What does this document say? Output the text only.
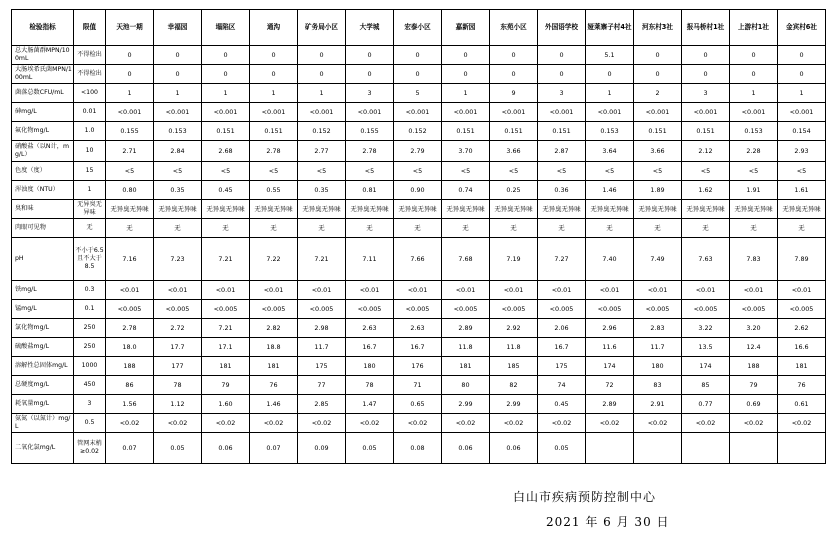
检验指标	限值	天池一期	幸福园	塌陷区	通沟	矿务局小区	大学城	宏泰小区	嘉新园	东苑小区	外国语学校	娅莱寨子村4社	河东村3社	报马桥村1社	上游村1社	金宾村6社
总大肠菌群MPN/100mL	不得检出	0	0	0	0	0	0	0	0	0	0	5.1	0	0	0	0
大肠埃希氏菌MPN/100mL	不得检出	0	0	0	0	0	0	0	0	0	0	0	0	0	0	0
菌落总数CFU/mL	<100	1	1	1	1	1	3	5	1	9	3	1	2	3	1	1
砷mg/L	0.01	<0.001	<0.001	<0.001	<0.001	<0.001	<0.001	<0.001	<0.001	<0.001	<0.001	<0.001	<0.001	<0.001	<0.001	<0.001
氟化物mg/L	1.0	0.155	0.153	0.151	0.151	0.152	0.155	0.152	0.151	0.151	0.151	0.153	0.151	0.151	0.153	0.154
硝酸盐（以N计，mg/L）	10	2.71	2.84	2.68	2.78	2.77	2.78	2.79	3.70	3.66	2.87	3.64	3.66	2.12	2.28	2.93
色度（度）	15	<5	<5	<5	<5	<5	<5	<5	<5	<5	<5	<5	<5	<5	<5	<5
浑浊度（NTU）	1	0.80	0.35	0.45	0.55	0.35	0.81	0.90	0.74	0.25	0.36	1.46	1.89	1.62	1.91	1.61
臭和味	无异臭无异味	无异臭无异味	无异臭无异味	无异臭无异味	无异臭无异味	无异臭无异味	无异臭无异味	无异臭无异味	无异臭无异味	无异臭无异味	无异臭无异味	无异臭无异味	无异臭无异味	无异臭无异味	无异臭无异味	无异臭无异味
肉眼可见物	无	无	无	无	无	无	无	无	无	无	无	无	无	无	无	无
pH	不小于6.5且不大于8.5	7.16	7.23	7.21	7.22	7.21	7.11	7.66	7.68	7.19	7.27	7.40	7.49	7.63	7.83	7.89
铁mg/L	0.3	<0.01	<0.01	<0.01	<0.01	<0.01	<0.01	<0.01	<0.01	<0.01	<0.01	<0.01	<0.01	<0.01	<0.01	<0.01
锰mg/L	0.1	<0.005	<0.005	<0.005	<0.005	<0.005	<0.005	<0.005	<0.005	<0.005	<0.005	<0.005	<0.005	<0.005	<0.005	<0.005
氯化物mg/L	250	2.78	2.72	7.21	2.82	2.98	2.63	2.63	2.89	2.92	2.06	2.96	2.83	3.22	3.20	2.62
硫酸盐mg/L	250	18.0	17.7	17.1	18.8	11.7	16.7	16.7	11.8	11.8	16.7	11.6	11.7	13.5	12.4	16.6
溶解性总固体mg/L	1000	188	177	181	181	175	180	176	181	185	175	174	180	174	188	181
总硬度mg/L	450	86	78	79	76	77	78	71	80	82	74	72	83	85	79	76
耗氧量mg/L	3	1.56	1.12	1.60	1.46	2.85	1.47	0.65	2.99	2.99	0.45	2.89	2.91	0.77	0.69	0.61
氨氮（以氮计）mg/L	0.5	<0.02	<0.02	<0.02	<0.02	<0.02	<0.02	<0.02	<0.02	<0.02	<0.02	<0.02	<0.02	<0.02	<0.02	<0.02
二氧化氯mg/L	管网末梢≥0.02	0.07	0.05	0.06	0.07	0.09	0.05	0.08	0.06	0.06	0.05					
白山市疾病预防控制中心
2021 年 6 月 30 日
